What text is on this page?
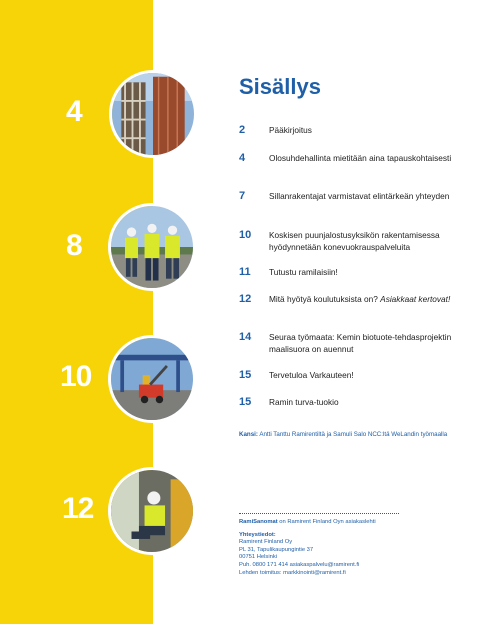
4
8
10
12
Sisällys
2	Pääkirjoitus
4	Olosuhdehallinta mietitään aina tapauskohtaisesti
7	Sillanrakentajat varmistavat elintärkeän yhteyden
10 Koskisen puunjalostusyksikön rakentamisessa hyödynnetään konevuokrauspalveluita
11 Tutustu ramilaisiin!
12 Mitä hyötyä koulutuksista on? Asiakkaat kertovat!
14 Seuraa työmaata: Kemin biotuote-tehdasprojektin maalisuora on auennut
15 Tervetuloa Varkauteen!
15 Ramin turva-tuokio
Kansi: Antti Tanttu Ramirentiltä ja Samuli Salo NCC:ltä WeLandin työmaalla
RamiSanomat on Ramirent Finland Oyn asiakaslehti
Yhteystiedot:
Ramirent Finland Oy
PL 31, Tapulikaupungintie 37
00751 Helsinki
Puh. 0800 171 414 asiakaspalvelu@ramirent.fi
Lehden toimitus: markkinointi@ramirent.fi
